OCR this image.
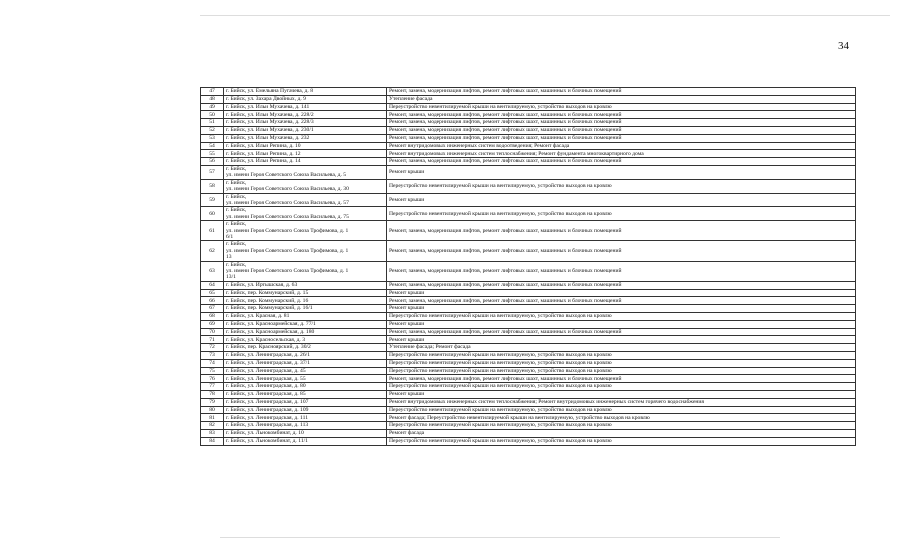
34
47	г. Бийск, ул. Емельяна Пугачева, д. 8	Ремонт, замена, модернизация лифтов, ремонт лифтовых шахт, машинных и блочных помещений
48	г. Бийск, ул. Захара Двойных, д. 9	Утепление фасада
49	г. Бийск, ул. Ильи Мухачева, д. 141	Переустройство невентилируемой крыши на вентилируемую, устройство выходов на кровлю
50	г. Бийск, ул. Ильи Мухачева, д. 228/2	Ремонт, замена, модернизация лифтов, ремонт лифтовых шахт, машинных и блочных помещений
51	г. Бийск, ул. Ильи Мухачева, д. 228/3	Ремонт, замена, модернизация лифтов, ремонт лифтовых шахт, машинных и блочных помещений
52	г. Бийск, ул. Ильи Мухачева, д. 230/1	Ремонт, замена, модернизация лифтов, ремонт лифтовых шахт, машинных и блочных помещений
53	г. Бийск, ул. Ильи Мухачева, д. 232	Ремонт, замена, модернизация лифтов, ремонт лифтовых шахт, машинных и блочных помещений
54	г. Бийск, ул. Ильи Репина, д. 10	Ремонт внутридомовых инженерных систем водоотведения; Ремонт фасада
55	г. Бийск, ул. Ильи Репина, д. 12	Ремонт внутридомовых инженерных систем теплоснабжения; Ремонт фундамента многоквартирного дома
56	г. Бийск, ул. Ильи Репина, д. 14	Ремонт, замена, модернизация лифтов, ремонт лифтовых шахт, машинных и блочных помещений
57	г. Бийск,
ул. имени Героя Советского Союза Васильева, д. 5	Ремонт крыши
58	г. Бийск,
ул. имени Героя Советского Союза Васильева, д. 30	Переустройство невентилируемой крыши на вентилируемую, устройство выходов на кровлю
59	г. Бийск,
ул. имени Героя Советского Союза Васильева, д. 57	Ремонт крыши
60	г. Бийск,
ул. имени Героя Советского Союза Васильева, д. 75	Переустройство невентилируемой крыши на вентилируемую, устройство выходов на кровлю
61	г. Бийск,
ул. имени Героя Советского Союза Трофимова, д. 1
6/1	Ремонт, замена, модернизация лифтов, ремонт лифтовых шахт, машинных и блочных помещений
62	г. Бийск,
ул. имени Героя Советского Союза Трофимова, д. 1
13	Ремонт, замена, модернизация лифтов, ремонт лифтовых шахт, машинных и блочных помещений
63	г. Бийск,
ул. имени Героя Советского Союза Трофимова, д. 1
13/1	Ремонт, замена, модернизация лифтов, ремонт лифтовых шахт, машинных и блочных помещений
64	г. Бийск, ул. Иртышская, д. 63	Ремонт, замена, модернизация лифтов, ремонт лифтовых шахт, машинных и блочных помещений
65	г. Бийск, пер. Коммунарский, д. 15	Ремонт крыши
66	г. Бийск, пер. Коммунарский, д. 16	Ремонт, замена, модернизация лифтов, ремонт лифтовых шахт, машинных и блочных помещений
67	г. Бийск, пер. Коммунарский, д. 16/1	Ремонт крыши
68	г. Бийск, ул. Красная, д. 81	Переустройство невентилируемой крыши на вентилируемую, устройство выходов на кровлю
69	г. Бийск, ул. Красноармейская, д. 77/1	Ремонт крыши
70	г. Бийск, ул. Красноармейская, д. 180	Ремонт, замена, модернизация лифтов, ремонт лифтовых шахт, машинных и блочных помещений
71	г. Бийск, ул. Красносельская, д. 3	Ремонт крыши
72	г. Бийск, пер. Красноярский, д. 30/2	Утепление фасада; Ремонт фасада
73	г. Бийск, ул. Ленинградская, д. 26/1	Переустройство невентилируемой крыши на вентилируемую, устройство выходов на кровлю
74	г. Бийск, ул. Ленинградская, д. 37/1	Переустройство невентилируемой крыши на вентилируемую, устройство выходов на кровлю
75	г. Бийск, ул. Ленинградская, д. 45	Переустройство невентилируемой крыши на вентилируемую, устройство выходов на кровлю
76	г. Бийск, ул. Ленинградская, д. 55	Ремонт, замена, модернизация лифтов, ремонт лифтовых шахт, машинных и блочных помещений
77	г. Бийск, ул. Ленинградская, д. 80	Переустройство невентилируемой крыши на вентилируемую, устройство выходов на кровлю
78	г. Бийск, ул. Ленинградская, д. 85	Ремонт крыши
79	г. Бийск, ул. Ленинградская, д. 107	Ремонт внутридомовых инженерных систем теплоснабжения; Ремонт внутридомовых инженерных систем горячего водоснабжения
80	г. Бийск, ул. Ленинградская, д. 109	Переустройство невентилируемой крыши на вентилируемую, устройство выходов на кровлю
81	г. Бийск, ул. Ленинградская, д. 111	Ремонт фасада; Переустройство невентилируемой крыши на вентилируемую, устройство выходов на кровлю
82	г. Бийск, ул. Ленинградская, д. 113	Переустройство невентилируемой крыши на вентилируемую, устройство выходов на кровлю
83	г. Бийск, ул. Льнокомбинат, д. 10	Ремонт фасада
84	г. Бийск, ул. Льнокомбинат, д. 11/1	Переустройство невентилируемой крыши на вентилируемую, устройство выходов на кровлю
